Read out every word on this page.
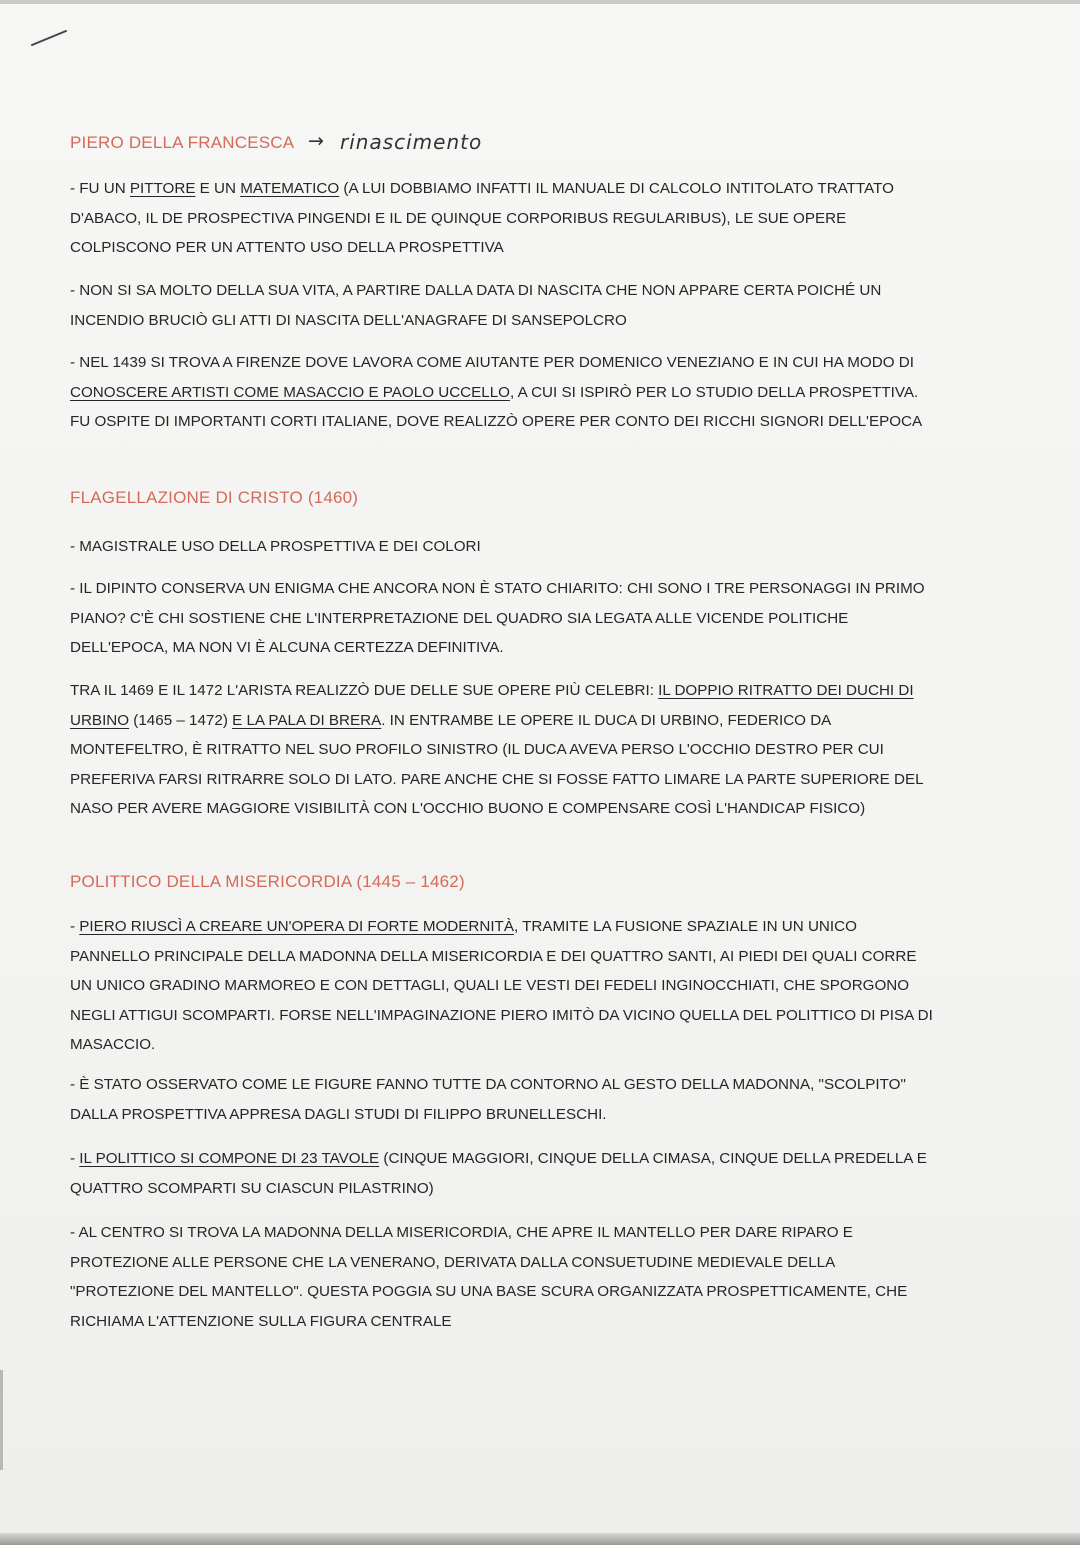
PIERO DELLA FRANCESCA → rinascimento
- FU UN PITTORE E UN MATEMATICO (A LUI DOBBIAMO INFATTI IL MANUALE DI CALCOLO INTITOLATO TRATTATO D'ABACO, IL DE PROSPECTIVA PINGENDI E IL DE QUINQUE CORPORIBUS REGULARIBUS), LE SUE OPERE COLPISCONO PER UN ATTENTO USO DELLA PROSPETTIVA
- NON SI SA MOLTO DELLA SUA VITA, A PARTIRE DALLA DATA DI NASCITA CHE NON APPARE CERTA POICHÉ UN INCENDIO BRUCIÒ GLI ATTI DI NASCITA DELL'ANAGRAFE DI SANSEPOLCRO
- NEL 1439 SI TROVA A FIRENZE DOVE LAVORA COME AIUTANTE PER DOMENICO VENEZIANO E IN CUI HA MODO DI CONOSCERE ARTISTI COME MASACCIO E PAOLO UCCELLO, A CUI SI ISPIRÒ PER LO STUDIO DELLA PROSPETTIVA. FU OSPITE DI IMPORTANTI CORTI ITALIANE, DOVE REALIZZÒ OPERE PER CONTO DEI RICCHI SIGNORI DELL'EPOCA
FLAGELLAZIONE DI CRISTO (1460)
- MAGISTRALE USO DELLA PROSPETTIVA E DEI COLORI
- IL DIPINTO CONSERVA UN ENIGMA CHE ANCORA NON È STATO CHIARITO: CHI SONO I TRE PERSONAGGI IN PRIMO PIANO? C'È CHI SOSTIENE CHE L'INTERPRETAZIONE DEL QUADRO SIA LEGATA ALLE VICENDE POLITICHE DELL'EPOCA, MA NON VI È ALCUNA CERTEZZA DEFINITIVA.
TRA IL 1469 E IL 1472 L'ARISTA REALIZZÒ DUE DELLE SUE OPERE PIÙ CELEBRI: IL DOPPIO RITRATTO DEI DUCHI DI URBINO (1465 – 1472) E LA PALA DI BRERA. IN ENTRAMBE LE OPERE IL DUCA DI URBINO, FEDERICO DA MONTEFELTRO, È RITRATTO NEL SUO PROFILO SINISTRO (IL DUCA AVEVA PERSO L'OCCHIO DESTRO PER CUI PREFERIVA FARSI RITRARRE SOLO DI LATO. PARE ANCHE CHE SI FOSSE FATTO LIMARE LA PARTE SUPERIORE DEL NASO PER AVERE MAGGIORE VISIBILITÀ CON L'OCCHIO BUONO E COMPENSARE COSÌ L'HANDICAP FISICO)
POLITTICO DELLA MISERICORDIA (1445 – 1462)
- PIERO RIUSCÌ A CREARE UN'OPERA DI FORTE MODERNITÀ, TRAMITE LA FUSIONE SPAZIALE IN UN UNICO PANNELLO PRINCIPALE DELLA MADONNA DELLA MISERICORDIA E DEI QUATTRO SANTI, AI PIEDI DEI QUALI CORRE UN UNICO GRADINO MARMOREO E CON DETTAGLI, QUALI LE VESTI DEI FEDELI INGINOCCHIATI, CHE SPORGONO NEGLI ATTIGUI SCOMPARTI. FORSE NELL'IMPAGINAZIONE PIERO IMITÒ DA VICINO QUELLA DEL POLITTICO DI PISA DI MASACCIO.
- È STATO OSSERVATO COME LE FIGURE FANNO TUTTE DA CONTORNO AL GESTO DELLA MADONNA, "SCOLPITO" DALLA PROSPETTIVA APPRESA DAGLI STUDI DI FILIPPO BRUNELLESCHI.
- IL POLITTICO SI COMPONE DI 23 TAVOLE (CINQUE MAGGIORI, CINQUE DELLA CIMASA, CINQUE DELLA PREDELLA E QUATTRO SCOMPARTI SU CIASCUN PILASTRINO)
- AL CENTRO SI TROVA LA MADONNA DELLA MISERICORDIA, CHE APRE IL MANTELLO PER DARE RIPARO E PROTEZIONE ALLE PERSONE CHE LA VENERANO, DERIVATA DALLA CONSUETUDINE MEDIEVALE DELLA "PROTEZIONE DEL MANTELLO". QUESTA POGGIA SU UNA BASE SCURA ORGANIZZATA PROSPETTICAMENTE, CHE RICHIAMA L'ATTENZIONE SULLA FIGURA CENTRALE
